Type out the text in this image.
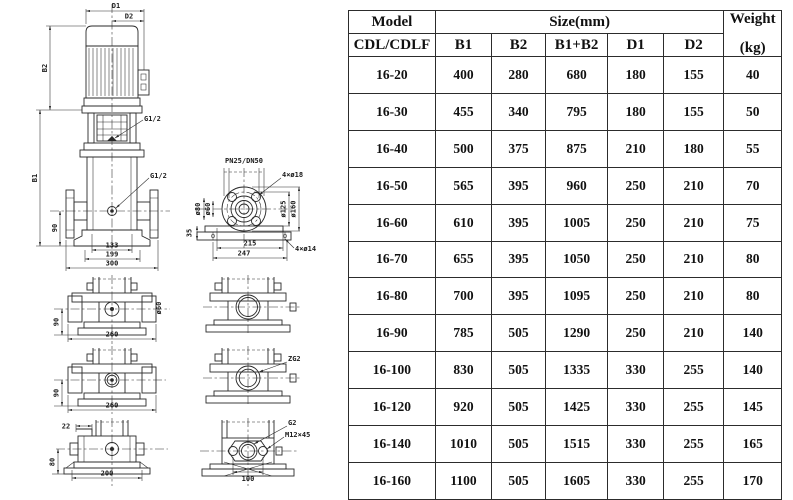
G1/2
G1/2
D1
D2
B2
B1
90
133
199
300
PN25/DN50
4×ø18
ø80 ø60	ø125 ø160
35
215
247
4×ø14
ø60
90
260
90
260
22
80
200
ZG2
G2
M12×45
100
Model	Size(mm)					Weight
(kg)

CDL/CDLF	B1	B2	B1+B2	D1	D2	
16-20	400	280	680	180	155	40
16-30	455	340	795	180	155	50
16-40	500	375	875	210	180	55
16-50	565	395	960	250	210	70
16-60	610	395	1005	250	210	75
16-70	655	395	1050	250	210	80
16-80	700	395	1095	250	210	80
16-90	785	505	1290	250	210	140
16-100	830	505	1335	330	255	140
16-120	920	505	1425	330	255	145
16-140	1010	505	1515	330	255	165
16-160	1100	505	1605	330	255	170
